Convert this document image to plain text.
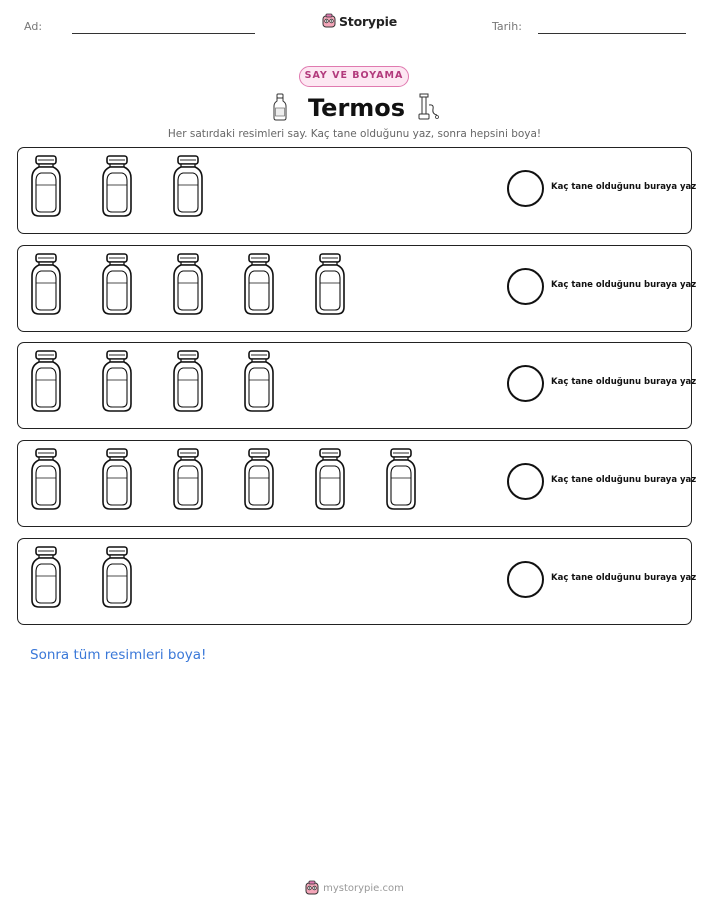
Ad:	Storypie	Tarih:
SAY VE BOYAMA
Termos
Her satırdaki resimleri say. Kaç tane olduğunu yaz, sonra hepsini boya!
Kaç tane olduğunu buraya yaz
Kaç tane olduğunu buraya yaz
Kaç tane olduğunu buraya yaz
Kaç tane olduğunu buraya yaz
Kaç tane olduğunu buraya yaz
Sonra tüm resimleri boya!
mystorypie.com
